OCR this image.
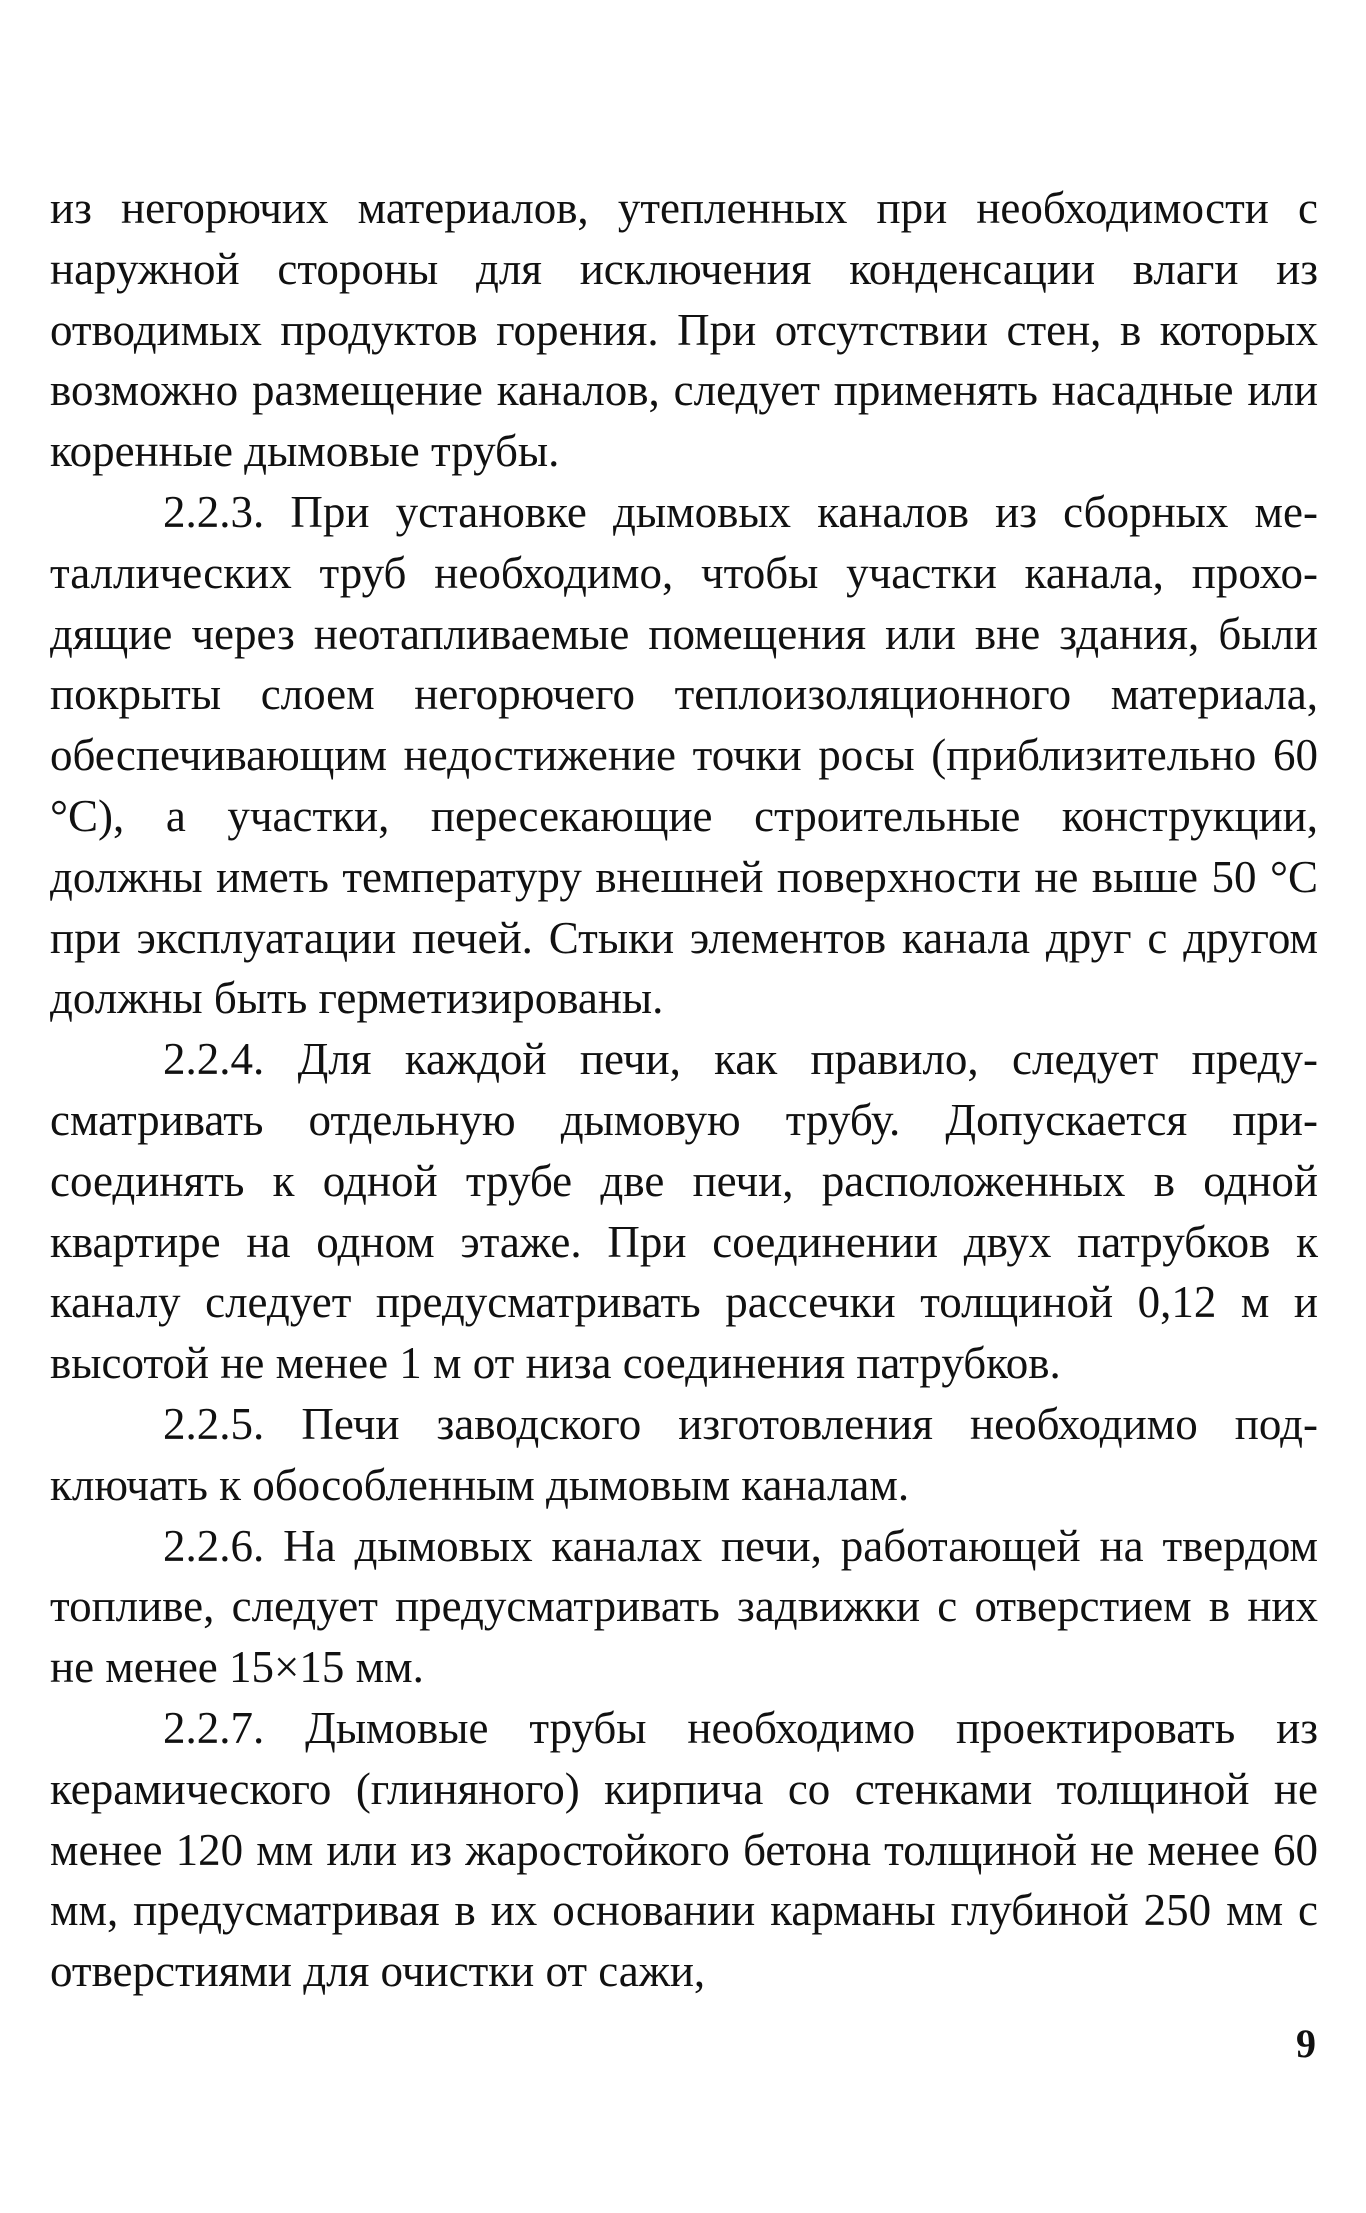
из негорючих материалов, утепленных при необходимости с наружной стороны для исключения конденсации влаги из отводимых продуктов горения. При отсутствии стен, в которых возможно размещение каналов, следует применять насадные или коренные дымовые трубы.

2.2.3. При установке дымовых каналов из сборных металлических труб необходимо, чтобы участки канала, проходящие через неотапливаемые помещения или вне здания, были покрыты слоем негорючего теплоизоляционного материала, обеспечивающим недостижение точки росы (приблизительно 60 °С), а участки, пересекающие строительные конструкции, должны иметь температуру внешней поверхности не выше 50 °С при эксплуатации печей. Стыки элементов канала друг с другом должны быть герметизированы.

2.2.4. Для каждой печи, как правило, следует предусматривать отдельную дымовую трубу. Допускается присоединять к одной трубе две печи, расположенных в одной квартире на одном этаже. При соединении двух патрубков к каналу следует предусматривать рассечки толщиной 0,12 м и высотой не менее 1 м от низа соединения патрубков.

2.2.5. Печи заводского изготовления необходимо подключать к обособленным дымовым каналам.

2.2.6. На дымовых каналах печи, работающей на твердом топливе, следует предусматривать задвижки с отверстием в них не менее 15×15 мм.

2.2.7. Дымовые трубы необходимо проектировать из керамического (глиняного) кирпича со стенками толщиной не менее 120 мм или из жаростойкого бетона толщиной не менее 60 мм, предусматривая в их основании карманы глубиной 250 мм с отверстиями для очистки от сажи,

9
